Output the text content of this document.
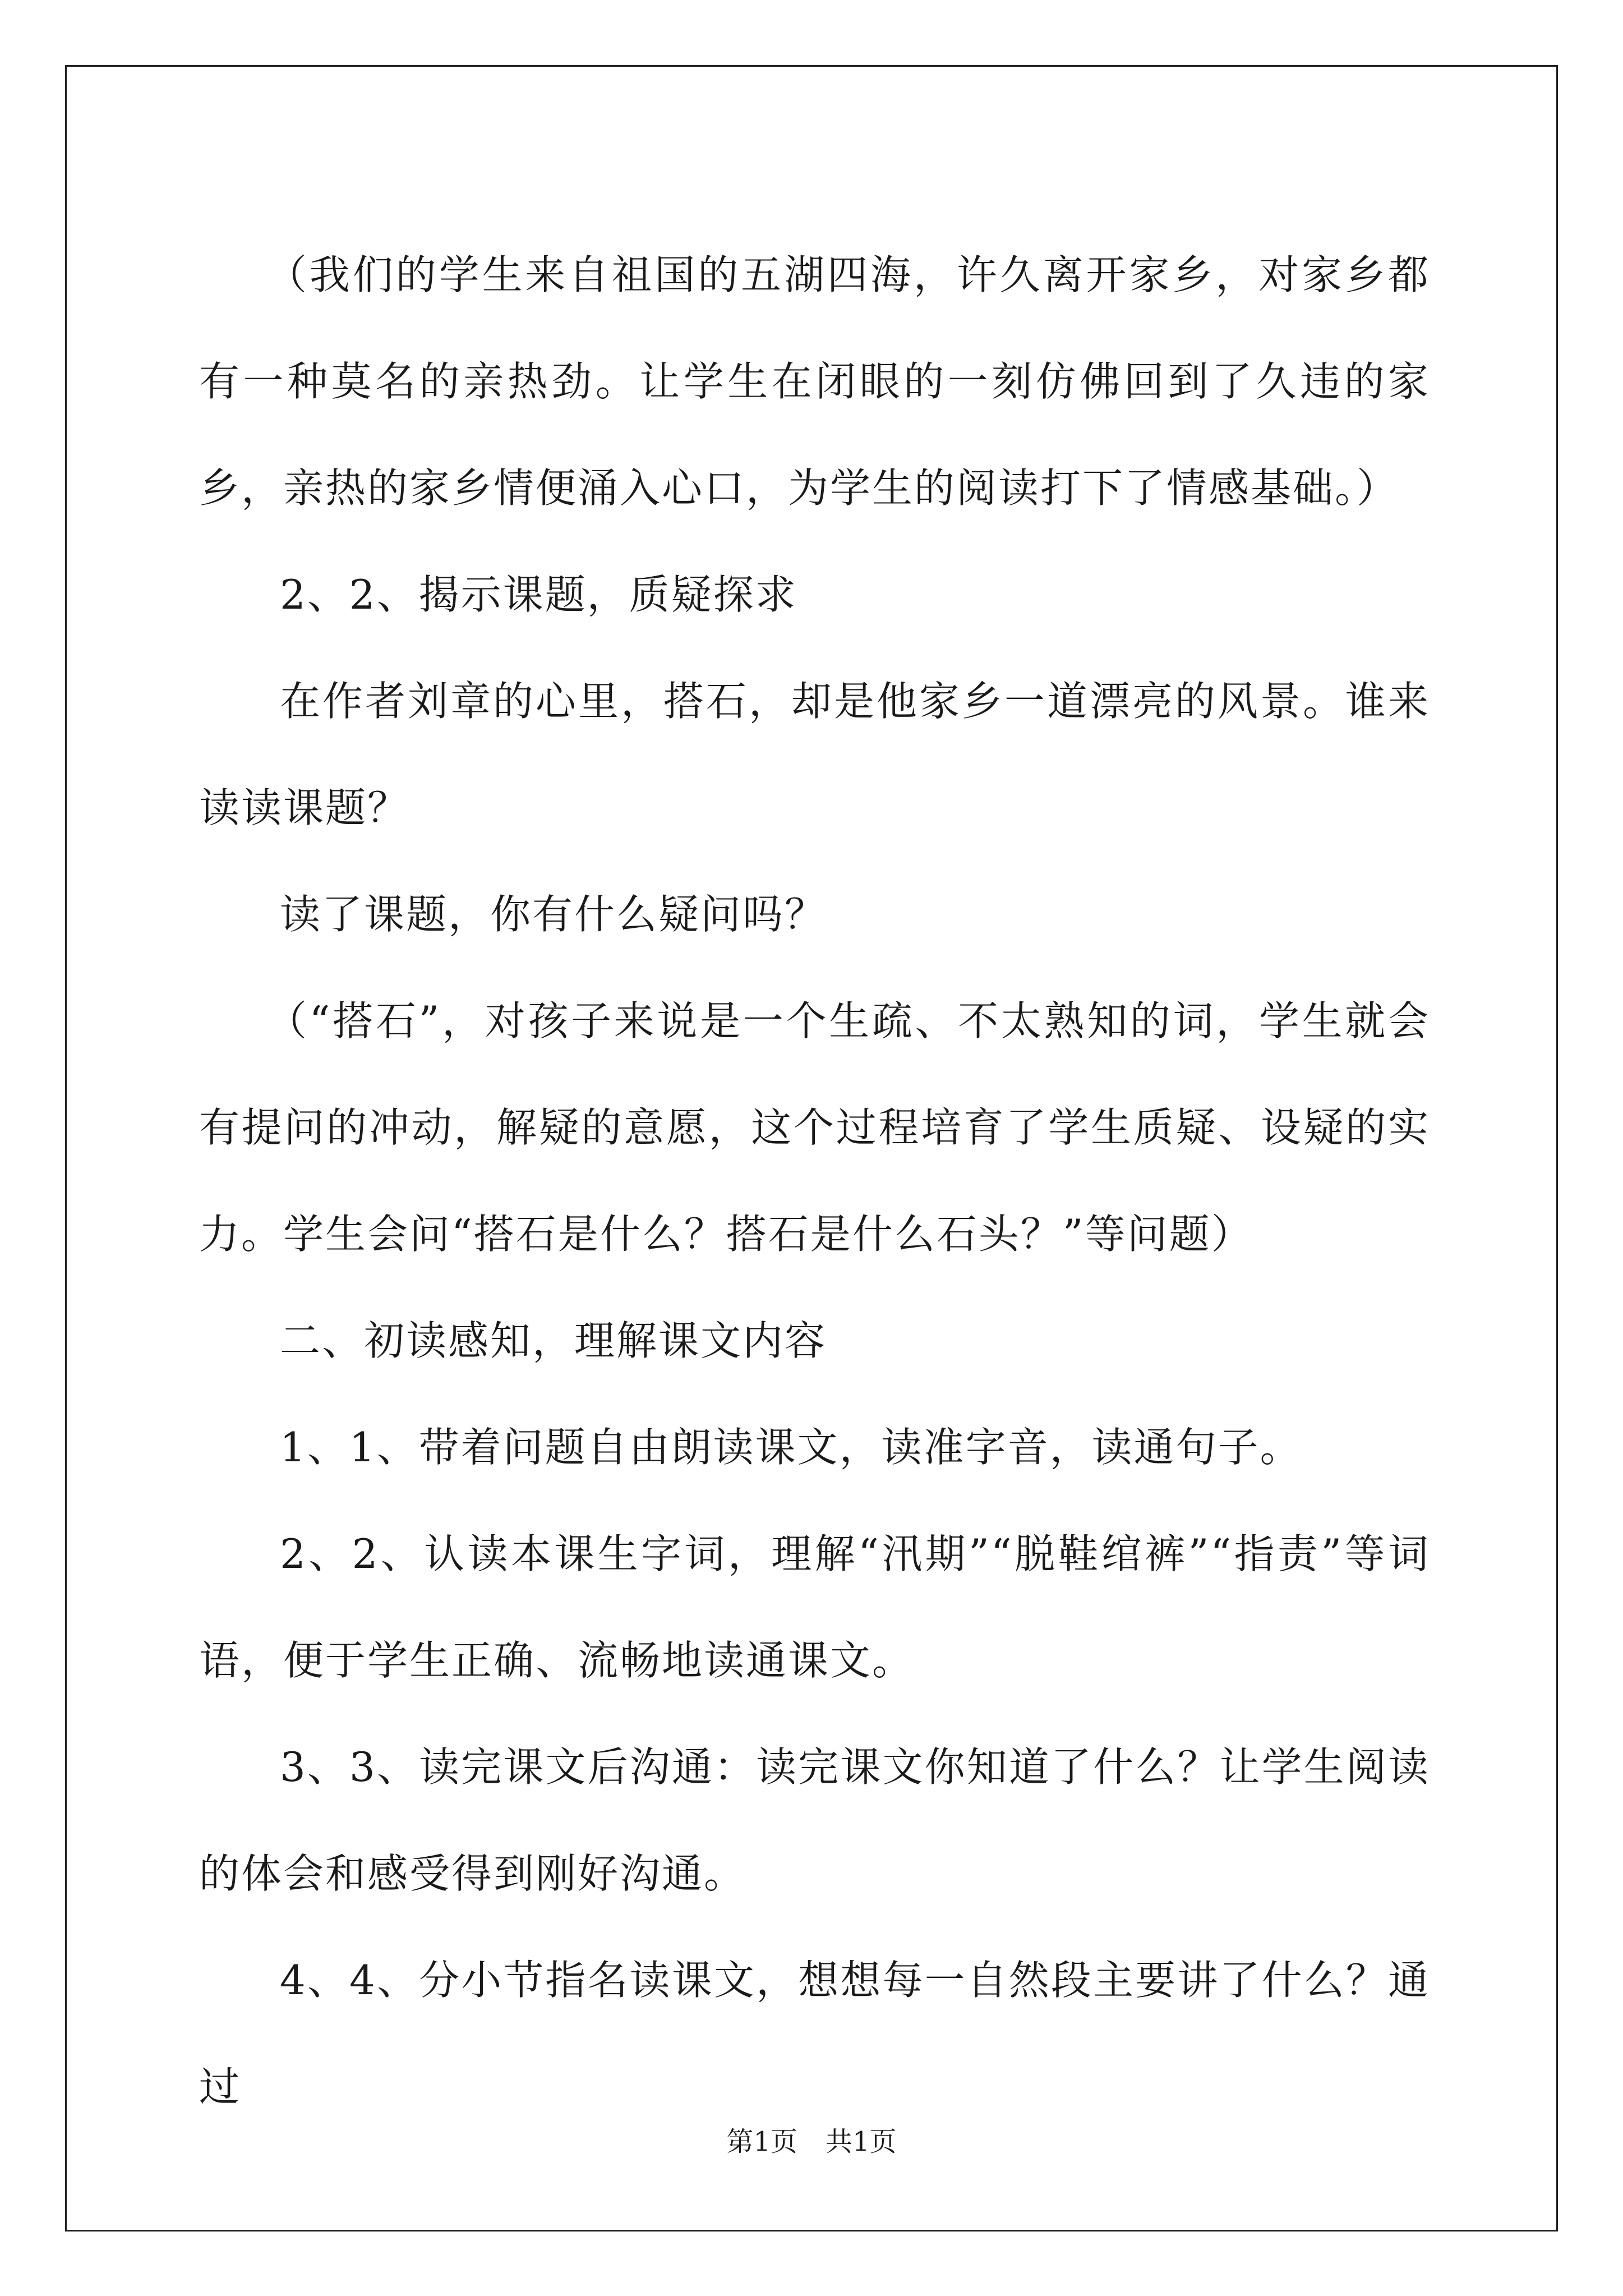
（我们的学生来自祖国的五湖四海，许久离开家乡，对家乡都有一种莫名的亲热劲。让学生在闭眼的一刻仿佛回到了久违的家乡，亲热的家乡情便涌入心口，为学生的阅读打下了情感基础。）

2、2、揭示课题，质疑探求

在作者刘章的心里，搭石，却是他家乡一道漂亮的风景。谁来读读课题？

读了课题，你有什么疑问吗？

（“搭石”，对孩子来说是一个生疏、不太熟知的词，学生就会有提问的冲动，解疑的意愿，这个过程培育了学生质疑、设疑的实力。学生会问“搭石是什么？搭石是什么石头？”等问题）

二、初读感知，理解课文内容

1、1、带着问题自由朗读课文，读准字音，读通句子。

2、2、认读本课生字词，理解“汛期”“脱鞋绾裤”“指责”等词语，便于学生正确、流畅地读通课文。

3、3、读完课文后沟通：读完课文你知道了什么？让学生阅读的体会和感受得到刚好沟通。

4、4、分小节指名读课文，想想每一自然段主要讲了什么？通过

第1页 共1页
